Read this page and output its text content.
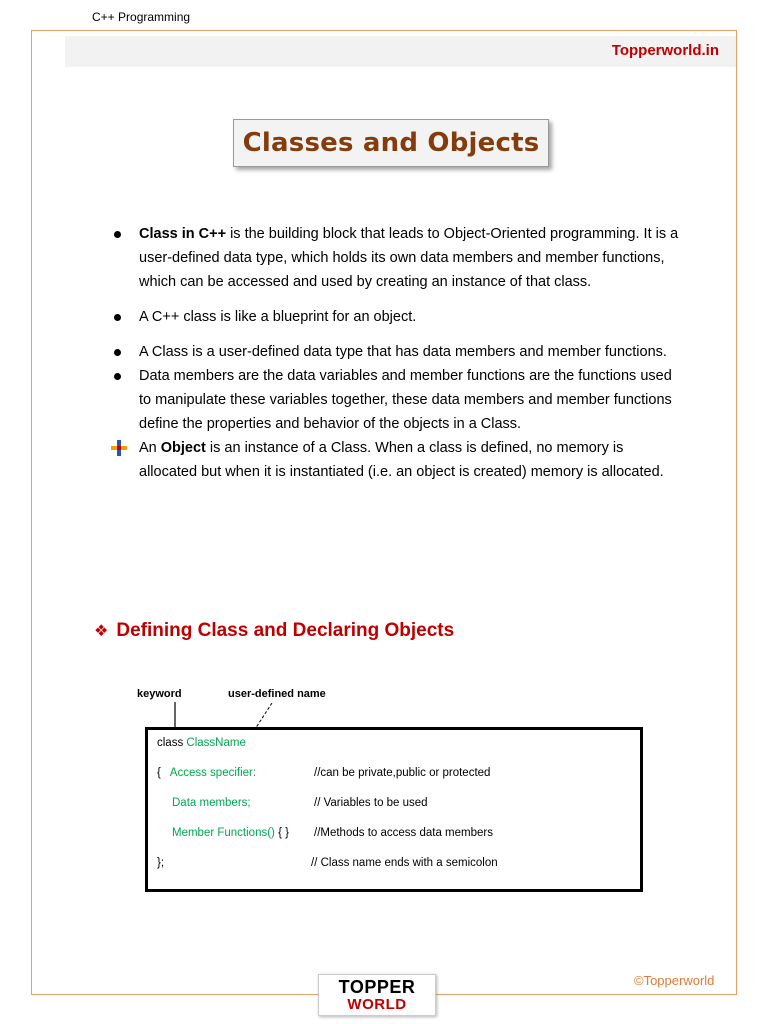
C++ Programming
Topperworld.in
Classes and Objects
Class in C++ is the building block that leads to Object-Oriented programming. It is a user-defined data type, which holds its own data members and member functions, which can be accessed and used by creating an instance of that class.
A C++ class is like a blueprint for an object.
A Class is a user-defined data type that has data members and member functions.
Data members are the data variables and member functions are the functions used to manipulate these variables together, these data members and member functions define the properties and behavior of the objects in a Class.
An Object is an instance of a Class. When a class is defined, no memory is allocated but when it is instantiated (i.e. an object is created) memory is allocated.
❖ Defining Class and Declaring Objects
keyword	user-defined name
class ClassName
{ Access specifier:	//can be private,public or protected
Data members;	// Variables to be used
Member Functions() { } //Methods to access data members
};	// Class name ends with a semicolon
©Topperworld
TOPPER
WORLD
